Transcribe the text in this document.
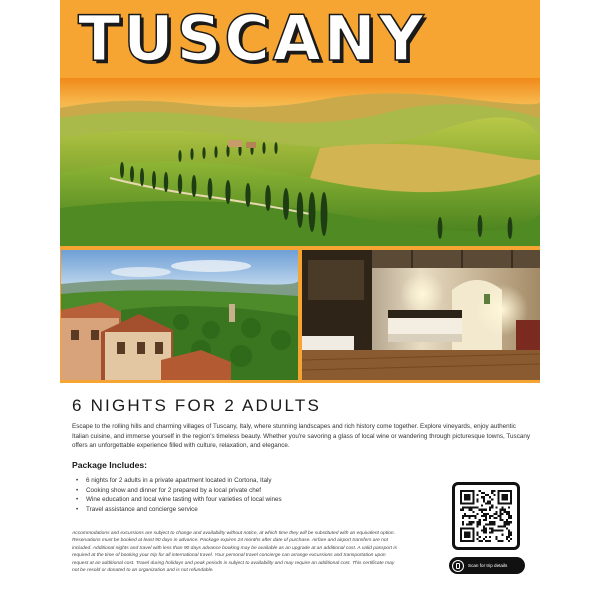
TUSCANY
6 NIGHTS FOR 2 ADULTS
Escape to the rolling hills and charming villages of Tuscany, Italy, where stunning landscapes and rich history come together. Explore vineyards, enjoy authentic Italian cuisine, and immerse yourself in the region's timeless beauty. Whether you're savoring a glass of local wine or wandering through picturesque towns, Tuscany offers an unforgettable experience filled with culture, relaxation, and elegance.
Package Includes:
• 6 nights for 2 adults in a private apartment located in Cortona, Italy
• Cooking show and dinner for 2 prepared by a local private chef
• Wine education and local wine tasting with four varieties of local wines
• Travel assistance and concierge service
Accommodations and excursions are subject to change and availability without notice, at which time they will be substituted with an equivalent option. Reservations must be booked at least 90 days in advance. Package expires 24 months after date of purchase. Airfare and airport transfers are not included. Additional nights and travel with less than 90 days advance booking may be available as an upgrade at an additional cost. A valid passport is required at the time of booking your trip for all international travel. Your personal travel concierge can arrange excursions and transportation upon request at an additional cost. Travel during holidays and peak periods is subject to availability and may require an additional cost. This certificate may not be resold or donated to an organization and is not refundable.
Scan for trip details
